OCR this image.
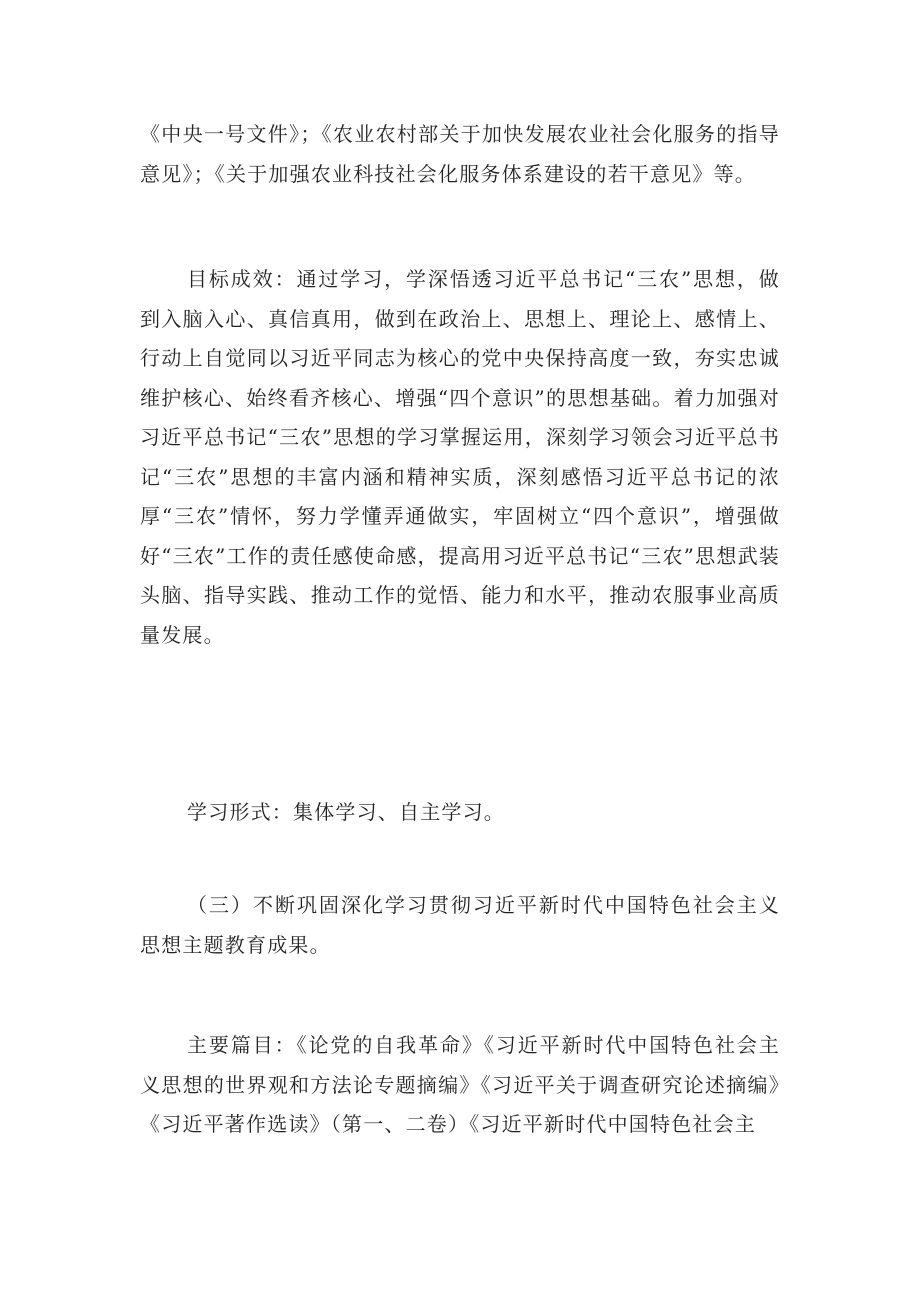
《中央一号文件》；《农业农村部关于加快发展农业社会化服务的指导意见》；《关于加强农业科技社会化服务体系建设的若干意见》等。

目标成效：通过学习，学深悟透习近平总书记“三农”思想，做到入脑入心、真信真用，做到在政治上、思想上、理论上、感情上、行动上自觉同以习近平同志为核心的党中央保持高度一致，夯实忠诚维护核心、始终看齐核心、增强“四个意识”的思想基础。着力加强对习近平总书记“三农”思想的学习掌握运用，深刻学习领会习近平总书记“三农”思想的丰富内涵和精神实质，深刻感悟习近平总书记的浓厚“三农”情怀，努力学懂弄通做实，牢固树立“四个意识”，增强做好“三农”工作的责任感使命感，提高用习近平总书记“三农”思想武装头脑、指导实践、推动工作的觉悟、能力和水平，推动农服事业高质量发展。

学习形式：集体学习、自主学习。

（三）不断巩固深化学习贯彻习近平新时代中国特色社会主义思想主题教育成果。

主要篇目：《论党的自我革命》《习近平新时代中国特色社会主义思想的世界观和方法论专题摘编》《习近平关于调查研究论述摘编》《习近平著作选读》（第一、二卷）《习近平新时代中国特色社会主
